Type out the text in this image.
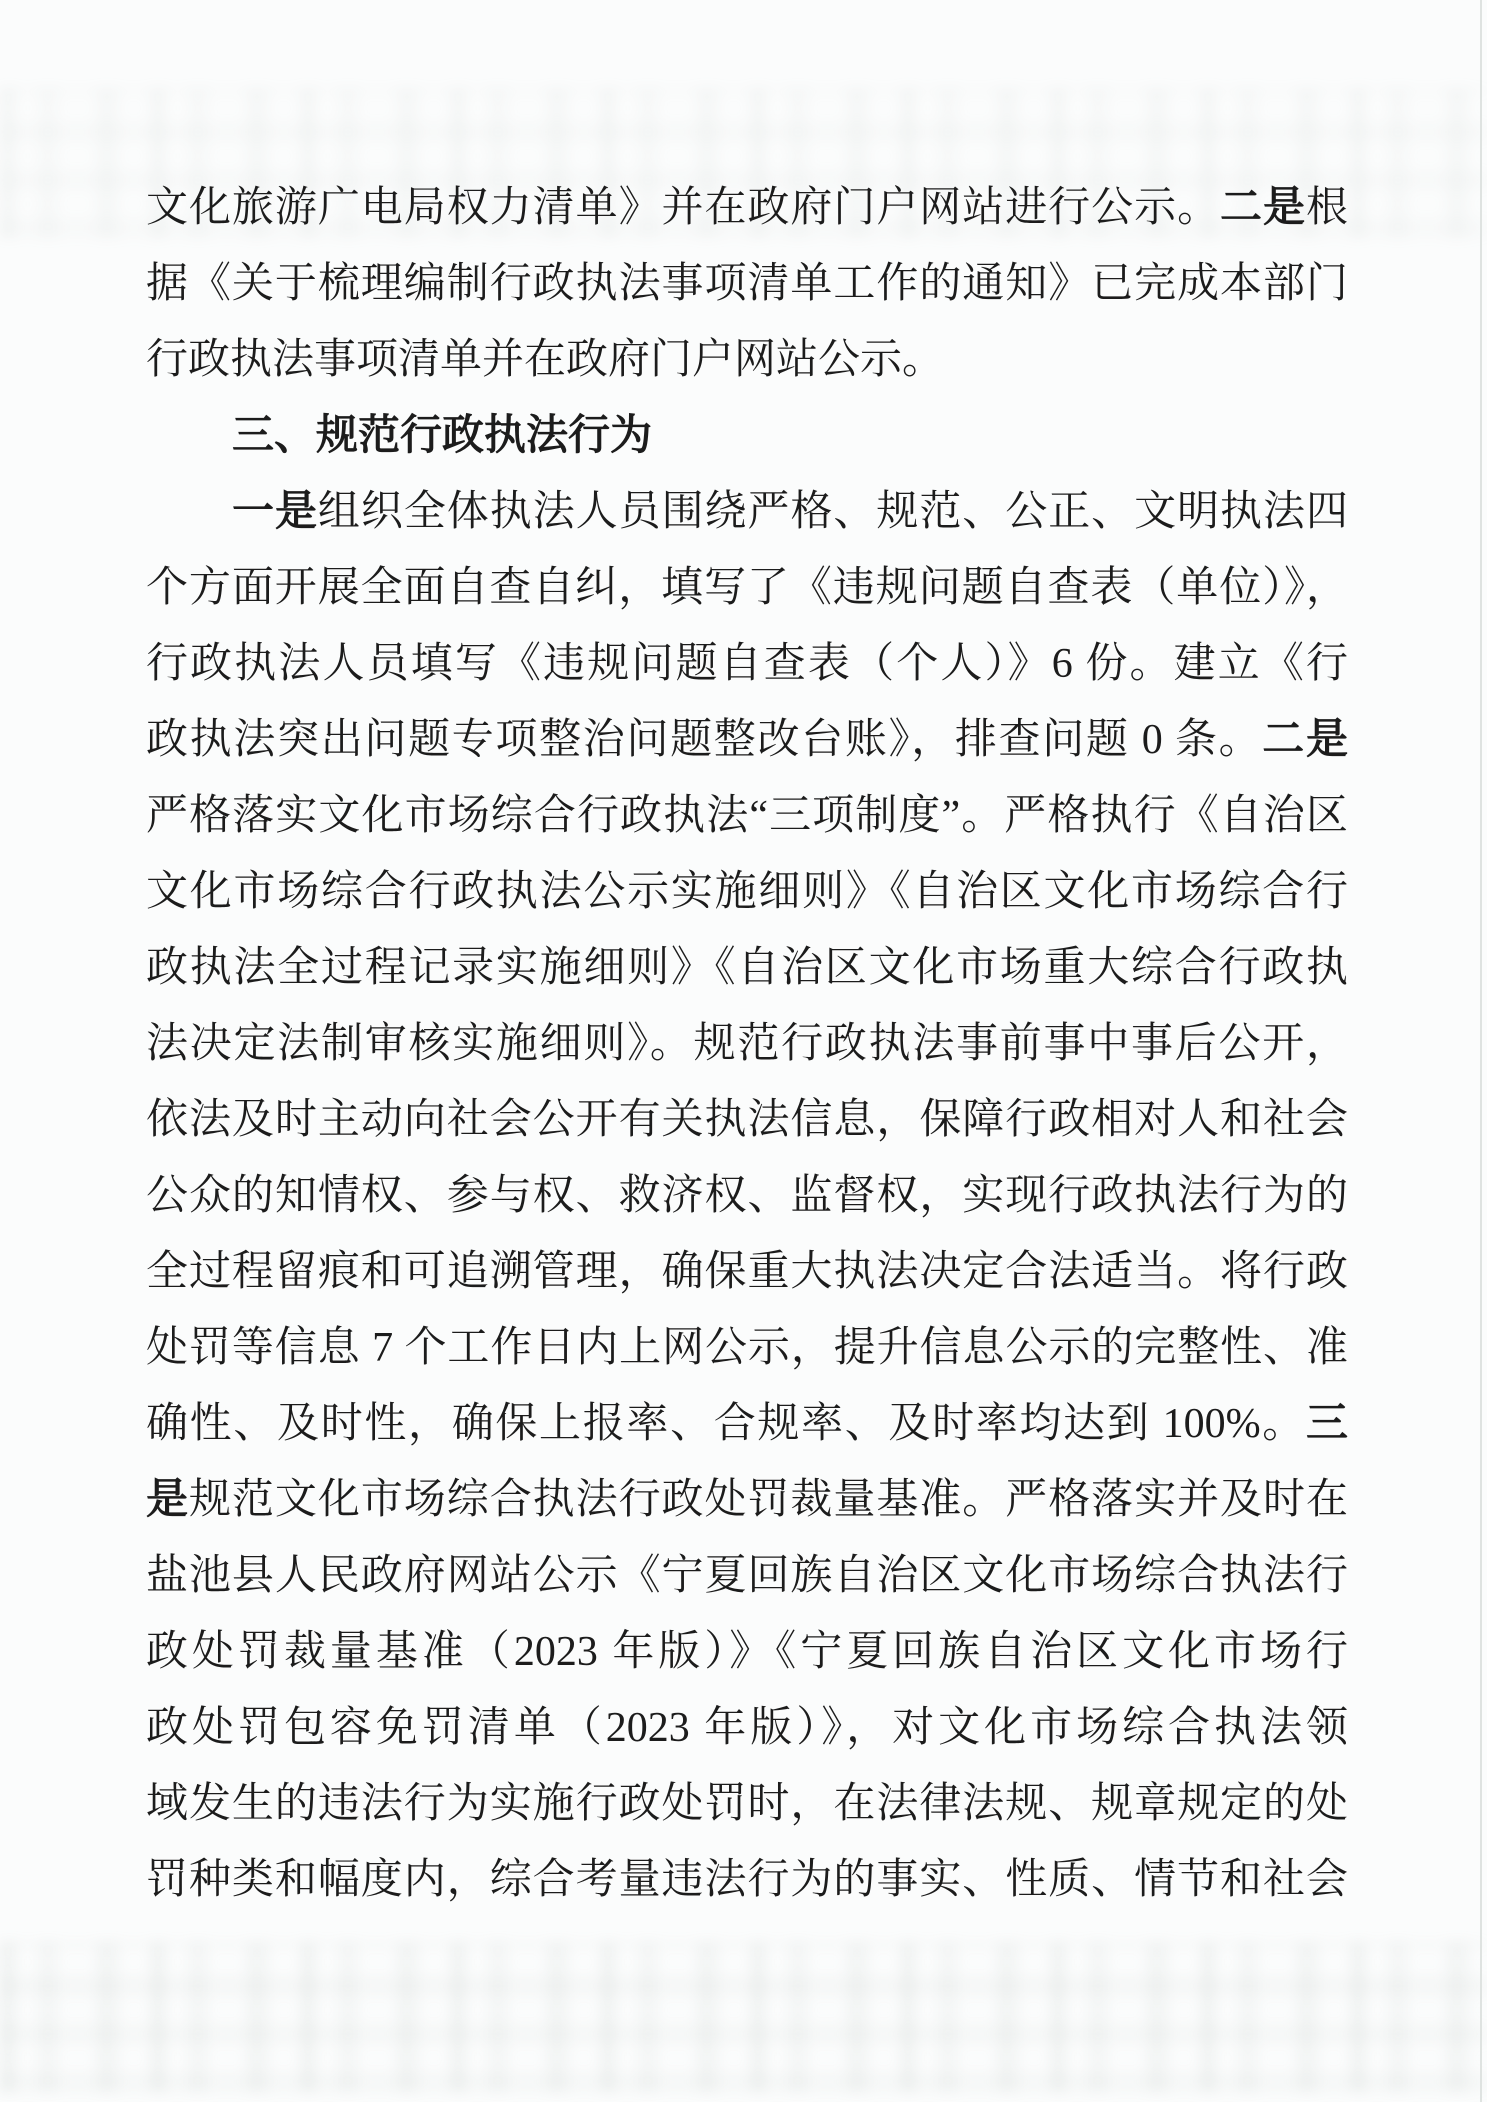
文化旅游广电局权力清单》并在政府门户网站进行公示。二是根
据《关于梳理编制行政执法事项清单工作的通知》已完成本部门
行政执法事项清单并在政府门户网站公示。
三、规范行政执法行为
一是组织全体执法人员围绕严格、规范、公正、文明执法四
个方面开展全面自查自纠，填写了《违规问题自查表（单位）》，
行政执法人员填写《违规问题自查表（个人）》6 份。建立《行
政执法突出问题专项整治问题整改台账》，排查问题 0 条。二是
严格落实文化市场综合行政执法“三项制度”。严格执行《自治区
文化市场综合行政执法公示实施细则》《自治区文化市场综合行
政执法全过程记录实施细则》《自治区文化市场重大综合行政执
法决定法制审核实施细则》。规范行政执法事前事中事后公开，
依法及时主动向社会公开有关执法信息，保障行政相对人和社会
公众的知情权、参与权、救济权、监督权，实现行政执法行为的
全过程留痕和可追溯管理，确保重大执法决定合法适当。将行政
处罚等信息 7 个工作日内上网公示，提升信息公示的完整性、准
确性、及时性，确保上报率、合规率、及时率均达到 100%。三
是规范文化市场综合执法行政处罚裁量基准。严格落实并及时在
盐池县人民政府网站公示《宁夏回族自治区文化市场综合执法行
政处罚裁量基准（2023 年版）》《宁夏回族自治区文化市场行
政处罚包容免罚清单（2023 年版）》，对文化市场综合执法领
域发生的违法行为实施行政处罚时，在法律法规、规章规定的处
罚种类和幅度内，综合考量违法行为的事实、性质、情节和社会
